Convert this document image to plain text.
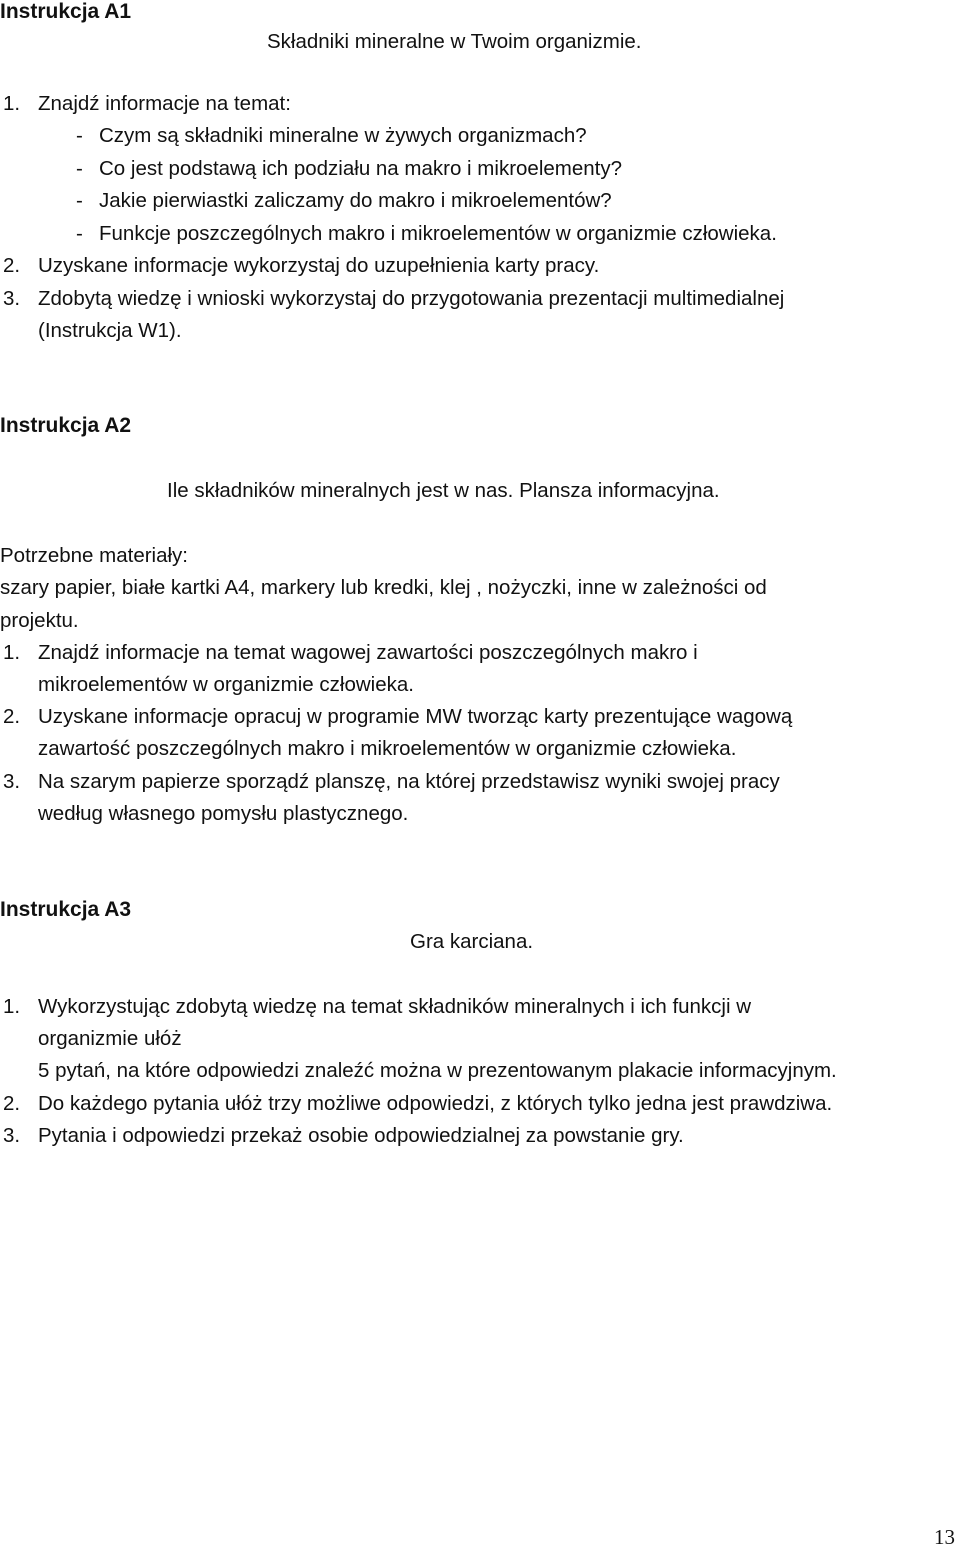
Instrukcja A1
Składniki mineralne w Twoim organizmie.
1. Znajdź informacje na temat:
- Czym są składniki mineralne w żywych organizmach?
- Co jest podstawą ich podziału na makro i mikroelementy?
- Jakie pierwiastki zaliczamy do makro i mikroelementów?
- Funkcje poszczególnych makro i mikroelementów w organizmie człowieka.
2. Uzyskane informacje wykorzystaj do uzupełnienia karty pracy.
3. Zdobytą wiedzę i wnioski wykorzystaj do przygotowania prezentacji multimedialnej
(Instrukcja W1).
Instrukcja A2
Ile składników mineralnych jest w nas. Plansza informacyjna.
Potrzebne materiały:
szary papier, białe kartki A4, markery lub kredki, klej , nożyczki, inne w zależności od
projektu.
1. Znajdź informacje na temat wagowej zawartości poszczególnych makro i
mikroelementów w organizmie człowieka.
2. Uzyskane informacje opracuj w programie MW tworząc karty prezentujące wagową
zawartość poszczególnych makro i mikroelementów w organizmie człowieka.
3. Na szarym papierze sporządź planszę, na której przedstawisz wyniki swojej pracy
według własnego pomysłu plastycznego.
Instrukcja A3
Gra karciana.
1. Wykorzystując zdobytą wiedzę na temat składników mineralnych i ich funkcji w
organizmie ułóż
5 pytań, na które odpowiedzi znaleźć można w prezentowanym plakacie informacyjnym.
2. Do każdego pytania ułóż trzy możliwe odpowiedzi, z których tylko jedna jest prawdziwa.
3. Pytania i odpowiedzi przekaż osobie odpowiedzialnej za powstanie gry.
13
